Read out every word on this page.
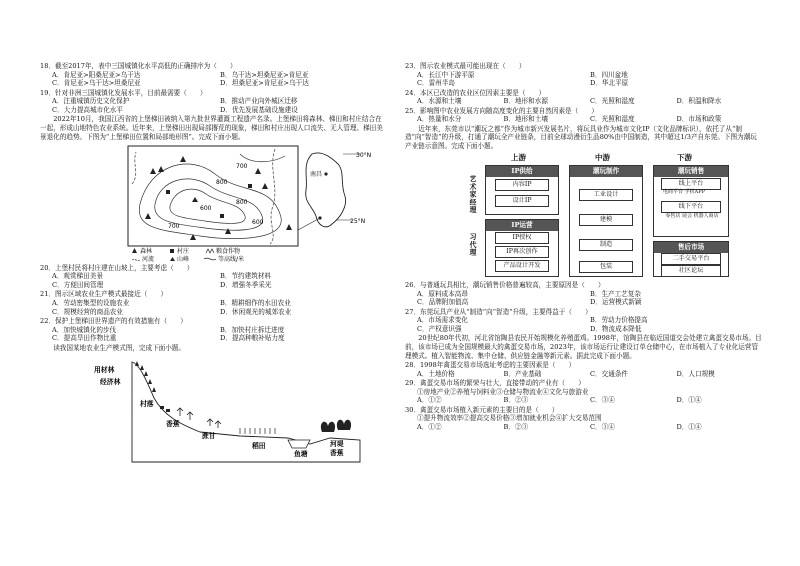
18．截至2017年，表中三国城镇化水平高低的正确排序为（　　）
A．肯尼亚>阳桑尼亚>乌干达	B．乌干达>坦桑尼亚>肯尼亚
C．肯尼亚>乌干达>坦桑尼亚	D．坦桑尼亚>肯尼亚>乌干达
19．针对非洲三国城镇化发展水平，目前最需要（　　）
A．注重城镇历史文化保护	B．推动产业向外城区迁移
C．大力提高城市化水平	D．优先发展基础设施建设
2022年10月，我国江西省的上堡梯田被纳入第九批世界灌溉工程遗产名录。上堡梯田将森林、梯田和村庄结合在一起，形成山地特色农业系统。近年来，上堡梯田出现局部撂荒的现象，梯田和村庄出现人口流失、无人管理、梯田美景退化的趋势。下图为“上堡梯田位置和局部地形图”。完成下面小题。
800
600
700
800
600
700
南昌
30°N
25°N
森林	村庄	粮食作物
河流	山峰	等高线/米
20．上堡村民将村庄建在山坡上，主要考虑（　　）
A．观赏梯田美景	B．节约建筑材料
C．方便田间管理	D．增强冬季采光
21．图示区域农业生产模式最接近（　　）
A．劳动密集型的设施农业	B．精耕细作的水田农业
C．规模经营的商品农业	D．休闲观光的城郊农业
22．保护上堡梯田世界遗产的有效措施有（　　）
A．加快城镇化的步伐	B．加快村庄拆迁进度
C．提高旱田作物比重	D．提高种粮补贴力度
读我国某地农业生产模式图，完成下面小题。
用材林
经济林
村落
香蕉
蔗甘
稻田
鱼塘
河堤
香蕉
23．图示农业模式最可能出现在（　　）
A．长江中下游平原	B．四川盆地
C．雷州半岛	D．华北平原
24．本区已改造的农业区位因素主要是（　　）
A．水源和土壤	B．地形和水源	C．光照和湿度	D．积温和降水
25．影响图中农业发展方向随高度变化的主要自然因素是（　　）
A．热量和水分	B．地形和土壤	C．光照和湿度	D．市场和政策
近年来，东莞市以“潮玩之都”作为城市新兴发展名片，将玩具业作为城市文化IP（文化品牌标识），依托了从“制造”向“智造”的升级，打通了潮玩全产业链条，目前全球动漫衍生品80%由中国制造，其中超过1/3产自东莞。下图为潮玩产业链示意图。完成下面小题。
上游	中游	下游
艺术家经理
习代理
IP供给
内容IP
设计IP
IP运营
IP授权
IP再次创作
产品设计开发
潮玩制作
工业设计
建模
制造
包装
潮玩销售
线上平台
电商平台 手机APP
线下平台
零售店 展会 机器人商店
售后市场
二手交易平台
社区论坛
26．与普通玩具相比，潮玩销售价格普遍较高，主要原因是（　　）
A．原料成本高昂	B．生产工艺复杂
C．品牌附加值高	D．运营模式新颖
27．东莞玩具产业从“制造”向“智造”升级，主要得益于（　　）
A．市场需求变化	B．劳动力价格提高
C．产权意识强	D．物流成本降低
20世纪80年代初，河北省馆陶县农民开始规模化养殖蛋鸡。1998年，馆陶县在临近国道交会处建立禽蛋交易市场。目前，该市场已成为全国规模最大的禽蛋交易市场，2023年，该市场运行让建设订单仓储中心，在市场植入了专业化运营管理模式。植入智能物流、集中仓储、供应链金融等新元素。据此完成下面小题。
28．1998年禽蛋交易市场选址考虑的主要因素是（　　）
A．土地价格	B．产业基础	C．交通条件	D．人口规模
29．禽蛋交易市场的繁荣与壮大，直接带动的产业有（　　）
①房地产业②养殖与饲料业③仓储与物流业④文化与旅游业
A．①②	B．②③	C．③④	D．①④
30．禽蛋交易市场植入新元素的主要目的是（　　）
①提升物流效率②提高交易价格③增加就业机会④扩大交易范围
A．①②	B．②③	C．③④	D．①④
